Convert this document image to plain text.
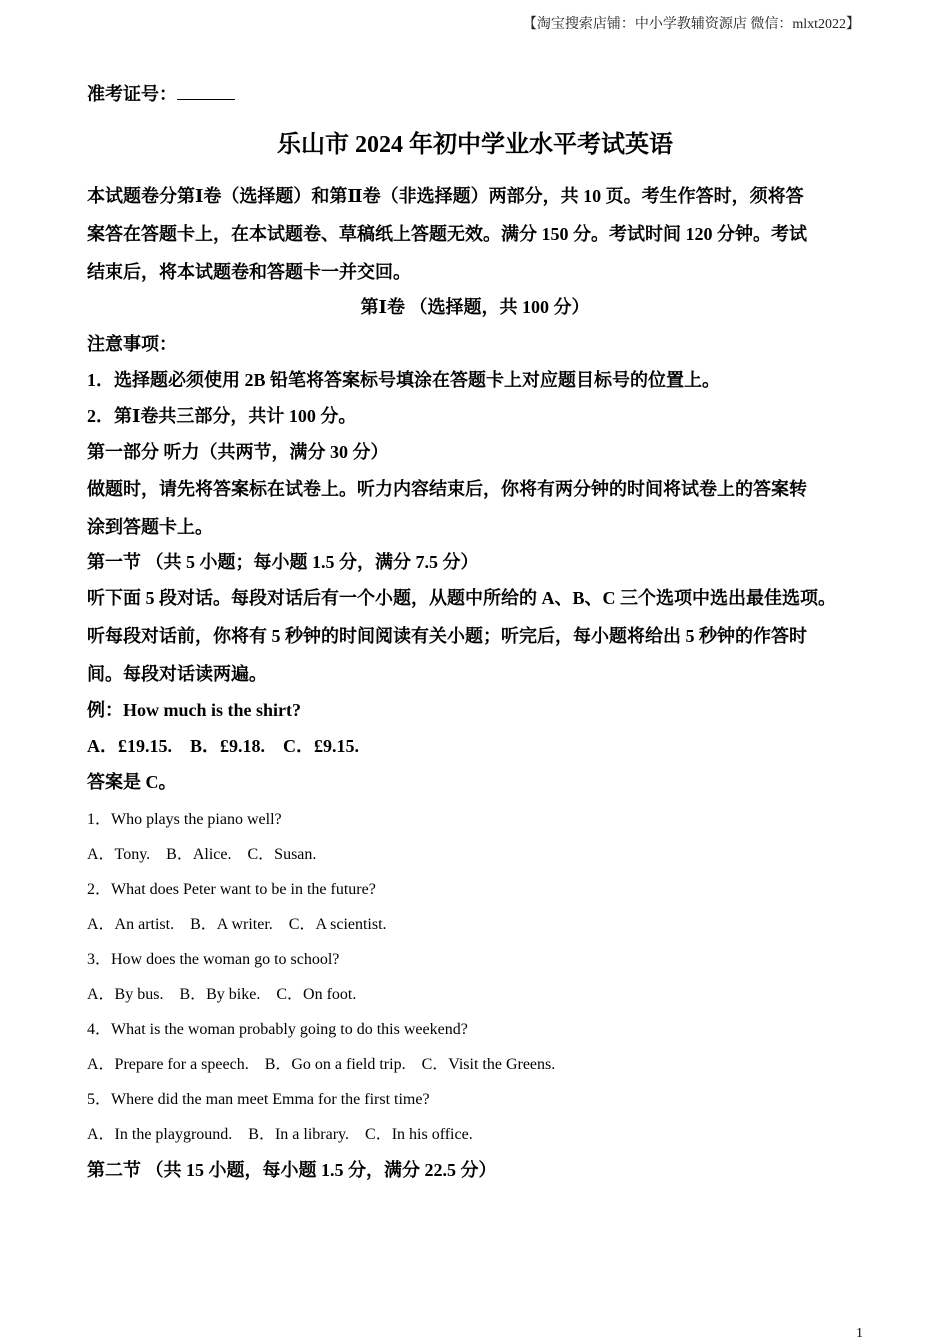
【淘宝搜索店铺：中小学教辅资源店 微信：mlxt2022】
准考证号：
乐山市 2024 年初中学业水平考试英语
本试题卷分第Ⅰ卷（选择题）和第Ⅱ卷（非选择题）两部分，共 10 页。考生作答时，须将答
案答在答题卡上，在本试题卷、草稿纸上答题无效。满分 150 分。考试时间 120 分钟。考试
结束后，将本试题卷和答题卡一并交回。
第Ⅰ卷 （选择题，共 100 分）
注意事项：
1．选择题必须使用 2B 铅笔将答案标号填涂在答题卡上对应题目标号的位置上。
2．第Ⅰ卷共三部分，共计 100 分。
第一部分 听力（共两节，满分 30 分）
做题时，请先将答案标在试卷上。听力内容结束后，你将有两分钟的时间将试卷上的答案转
涂到答题卡上。
第一节 （共 5 小题；每小题 1.5 分，满分 7.5 分）
听下面 5 段对话。每段对话后有一个小题，从题中所给的 A、B、C 三个选项中选出最佳选项。
听每段对话前，你将有 5 秒钟的时间阅读有关小题；听完后，每小题将给出 5 秒钟的作答时
间。每段对话读两遍。
例：How much is the shirt?
A．£19.15.    B．£9.18.    C．£9.15.
答案是 C。
1．Who plays the piano well?
A．Tony.    B．Alice.    C．Susan.
2．What does Peter want to be in the future?
A．An artist.    B．A writer.    C．A scientist.
3．How does the woman go to school?
A．By bus.    B．By bike.    C．On foot.
4．What is the woman probably going to do this weekend?
A．Prepare for a speech.    B．Go on a field trip.    C．Visit the Greens.
5．Where did the man meet Emma for the first time?
A．In the playground.    B．In a library.    C．In his office.
第二节 （共 15 小题，每小题 1.5 分，满分 22.5 分）
1
